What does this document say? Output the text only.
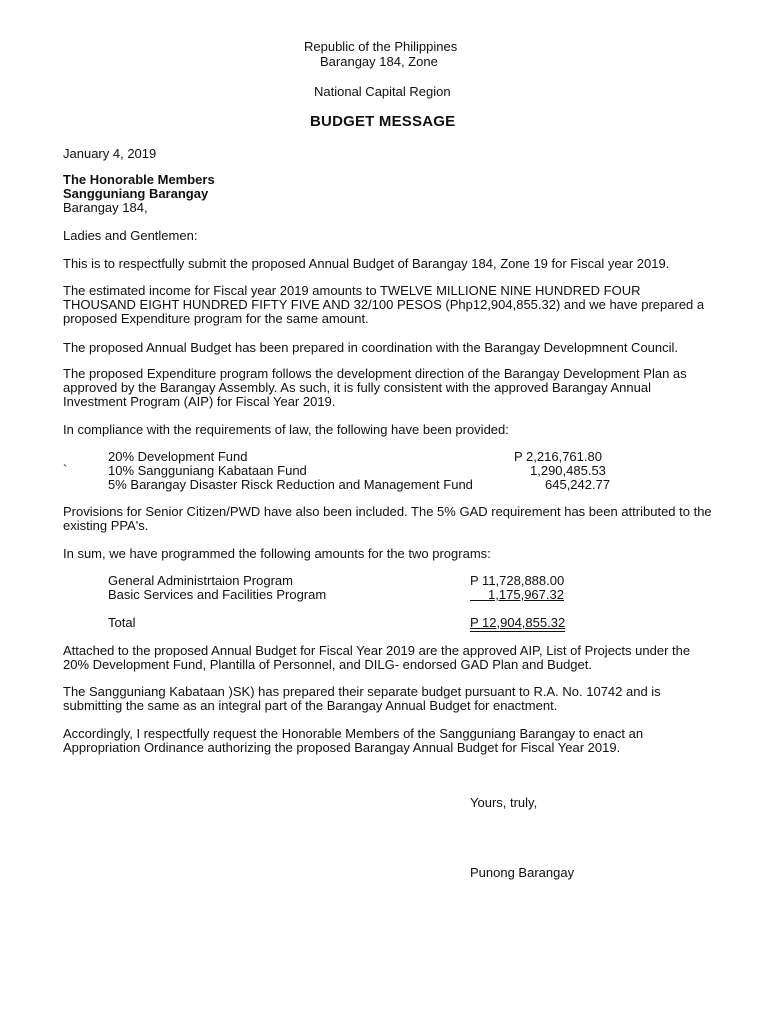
Republic of the Philippines
Barangay 184, Zone
National Capital Region
BUDGET MESSAGE
January 4, 2019
The Honorable Members
Sangguniang Barangay
Barangay 184,
Ladies and Gentlemen:
This is to respectfully submit the proposed Annual Budget of Barangay 184, Zone 19 for Fiscal year 2019.
The estimated income for Fiscal year 2019 amounts to TWELVE MILLIONE NINE HUNDRED FOUR THOUSAND EIGHT HUNDRED FIFTY FIVE AND 32/100 PESOS (Php12,904,855.32) and we have prepared a proposed Expenditure program for the same amount.
The proposed Annual Budget has been prepared in coordination with the Barangay Developmnent Council.
The proposed Expenditure program follows the development direction of the Barangay Development Plan as approved by the Barangay Assembly. As such, it is fully consistent with the approved Barangay Annual Investment Program (AIP) for Fiscal Year 2019.
In compliance with the requirements of law, the following have been provided:
`
20% Development Fund	P 2,216,761.80
10% Sangguniang Kabataan Fund	1,290,485.53
5% Barangay Disaster Risck Reduction and Management Fund	645,242.77
Provisions for Senior Citizen/PWD have also been included. The 5% GAD requirement has been attributed to the existing PPA's.
In sum, we have programmed the following amounts for the two programs:
General Administrtaion Program	P 11,728,888.00
Basic Services and Facilities Program	1,175,967.32
Total	P 12,904,855.32
Attached to the proposed Annual Budget for Fiscal Year 2019 are the approved AIP, List of Projects under the 20% Development Fund, Plantilla of Personnel, and DILG- endorsed GAD Plan and Budget.
The Sangguniang Kabataan )SK) has prepared their separate budget pursuant to R.A. No. 10742 and is submitting the same as an integral part of the Barangay Annual Budget for enactment.
Accordingly, I respectfully request the Honorable Members of the Sangguniang Barangay to enact an Appropriation Ordinance authorizing the proposed Barangay Annual Budget for Fiscal Year 2019.
Yours, truly,
Punong Barangay
